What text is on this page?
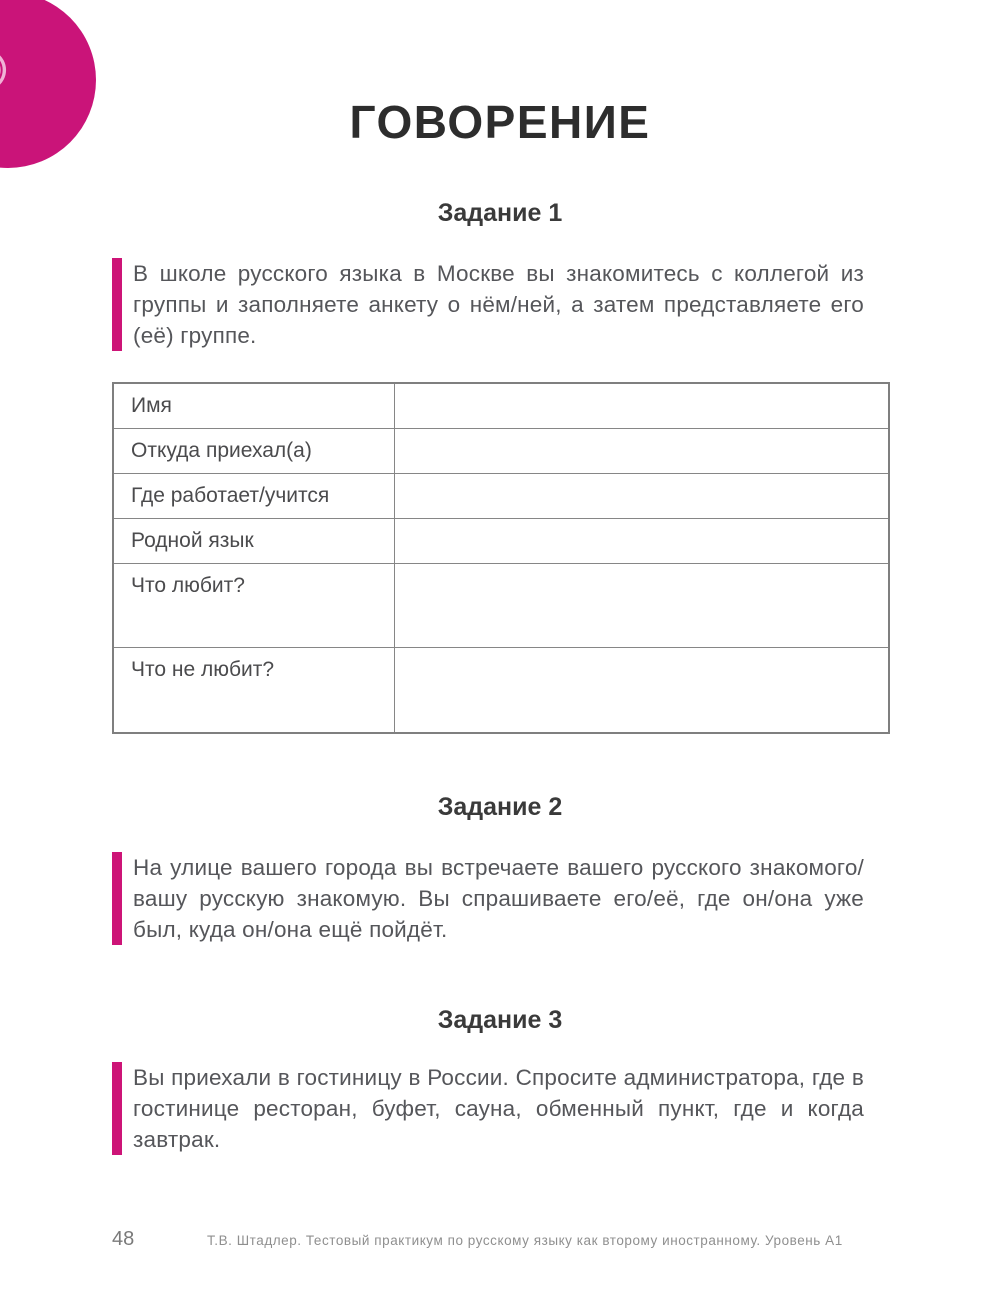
ГОВОРЕНИЕ
Задание 1
В школе русского языка в Москве вы знакомитесь с коллегой из группы и заполняете анкету о нём/ней, а затем представляете его (её) группе.
Имя	
Откуда приехал(а)	
Где работает/учится	
Родной язык	
Что любит?	
Что не любит?	
Задание 2
На улице вашего города вы встречаете вашего русского знакомого/вашу русскую знакомую. Вы спрашиваете его/её, где он/она уже был, куда он/она ещё пойдёт.
Задание 3
Вы приехали в гостиницу в России. Спросите администратора, где в гостинице ресторан, буфет, сауна, обменный пункт, где и когда завтрак.
48	Т.В. Штадлер. Тестовый практикум по русскому языку как второму иностранному. Уровень А1
